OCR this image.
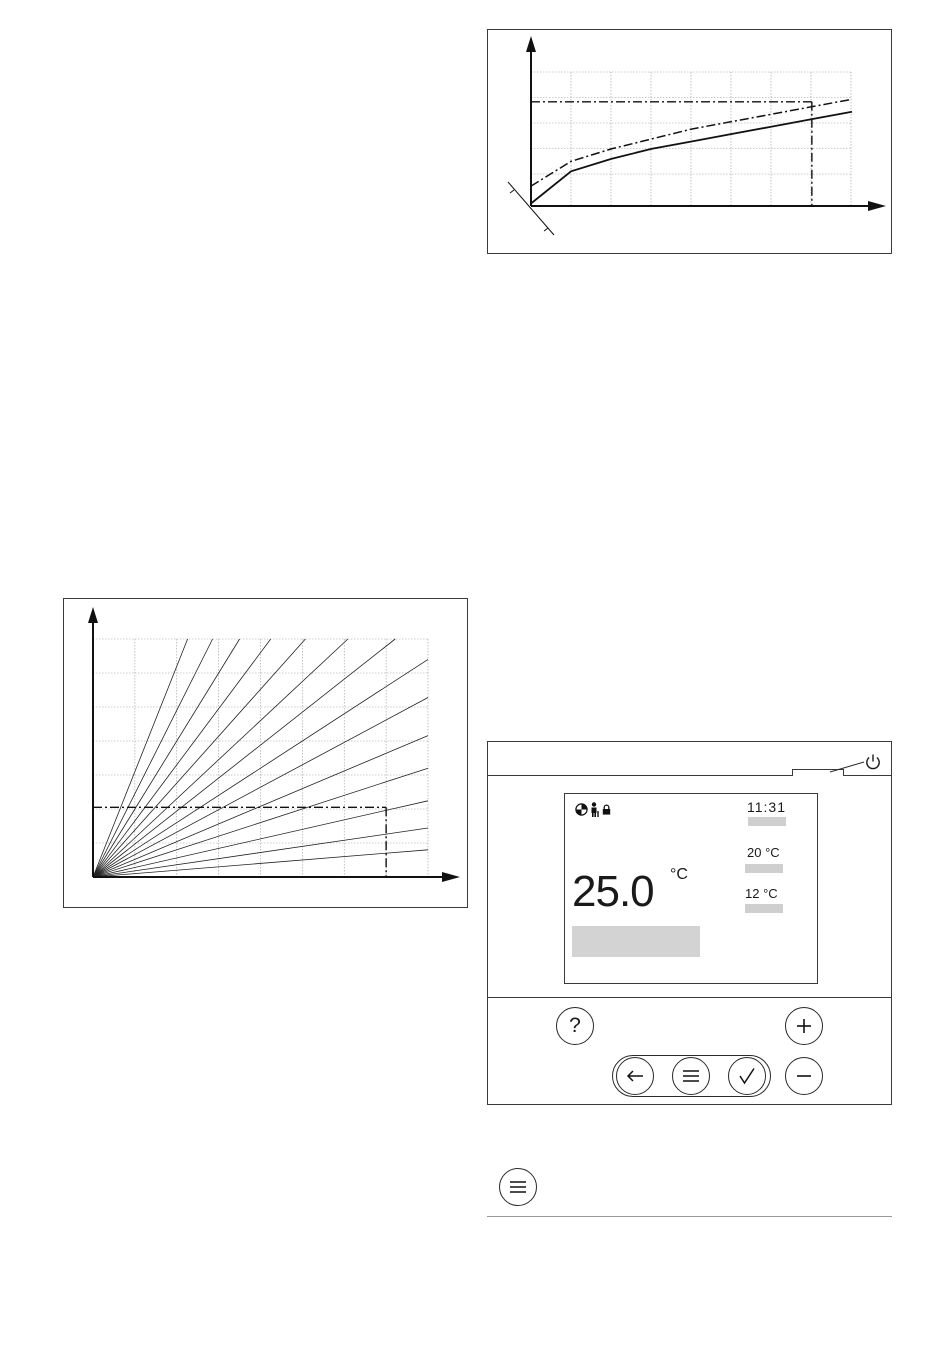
11:31
20 °C
12 °C
25.0 °C
?
